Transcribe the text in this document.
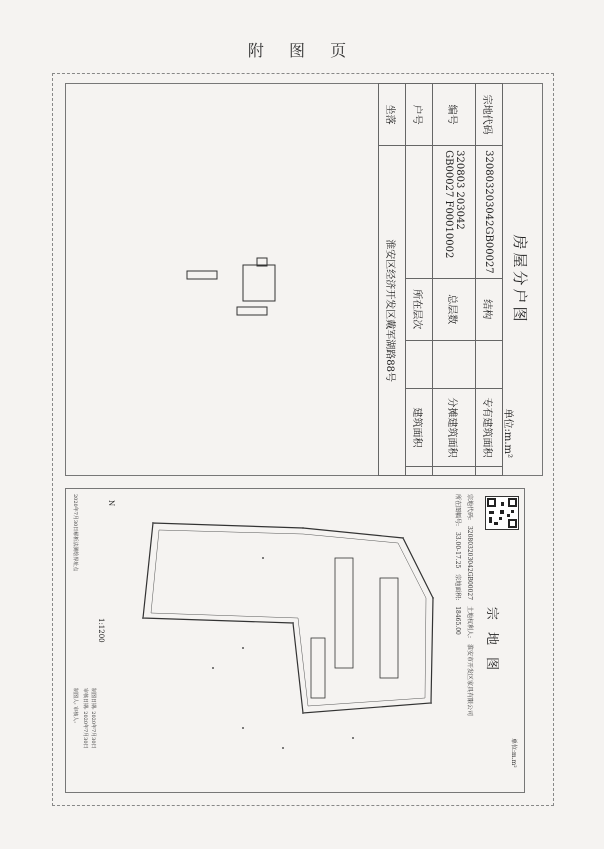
附 图 页
房屋分户图
单位:m.m²
宗地代码	320803203042GB00027	结构		专有建筑面积	
编号	320803 203042 GB00027 F00010002	总层数		分摊建筑面积	
户号		所在层次		建筑面积	
坐落	淮安区经济开发区戴军湖路88号				
单位:m.m²
宗 地 图
宗地代码: 320803203042GB00027 土地权利人: 淮安市开发区家具有限公司
所在图幅号: 33.00-17.25 宗地面积: 18465.00
N
1:1200
制图日期: 2020年7月30日
审核日期: 2020年7月30日
2020年7月30日解析法测绘界址点
制图人: 审核人:
